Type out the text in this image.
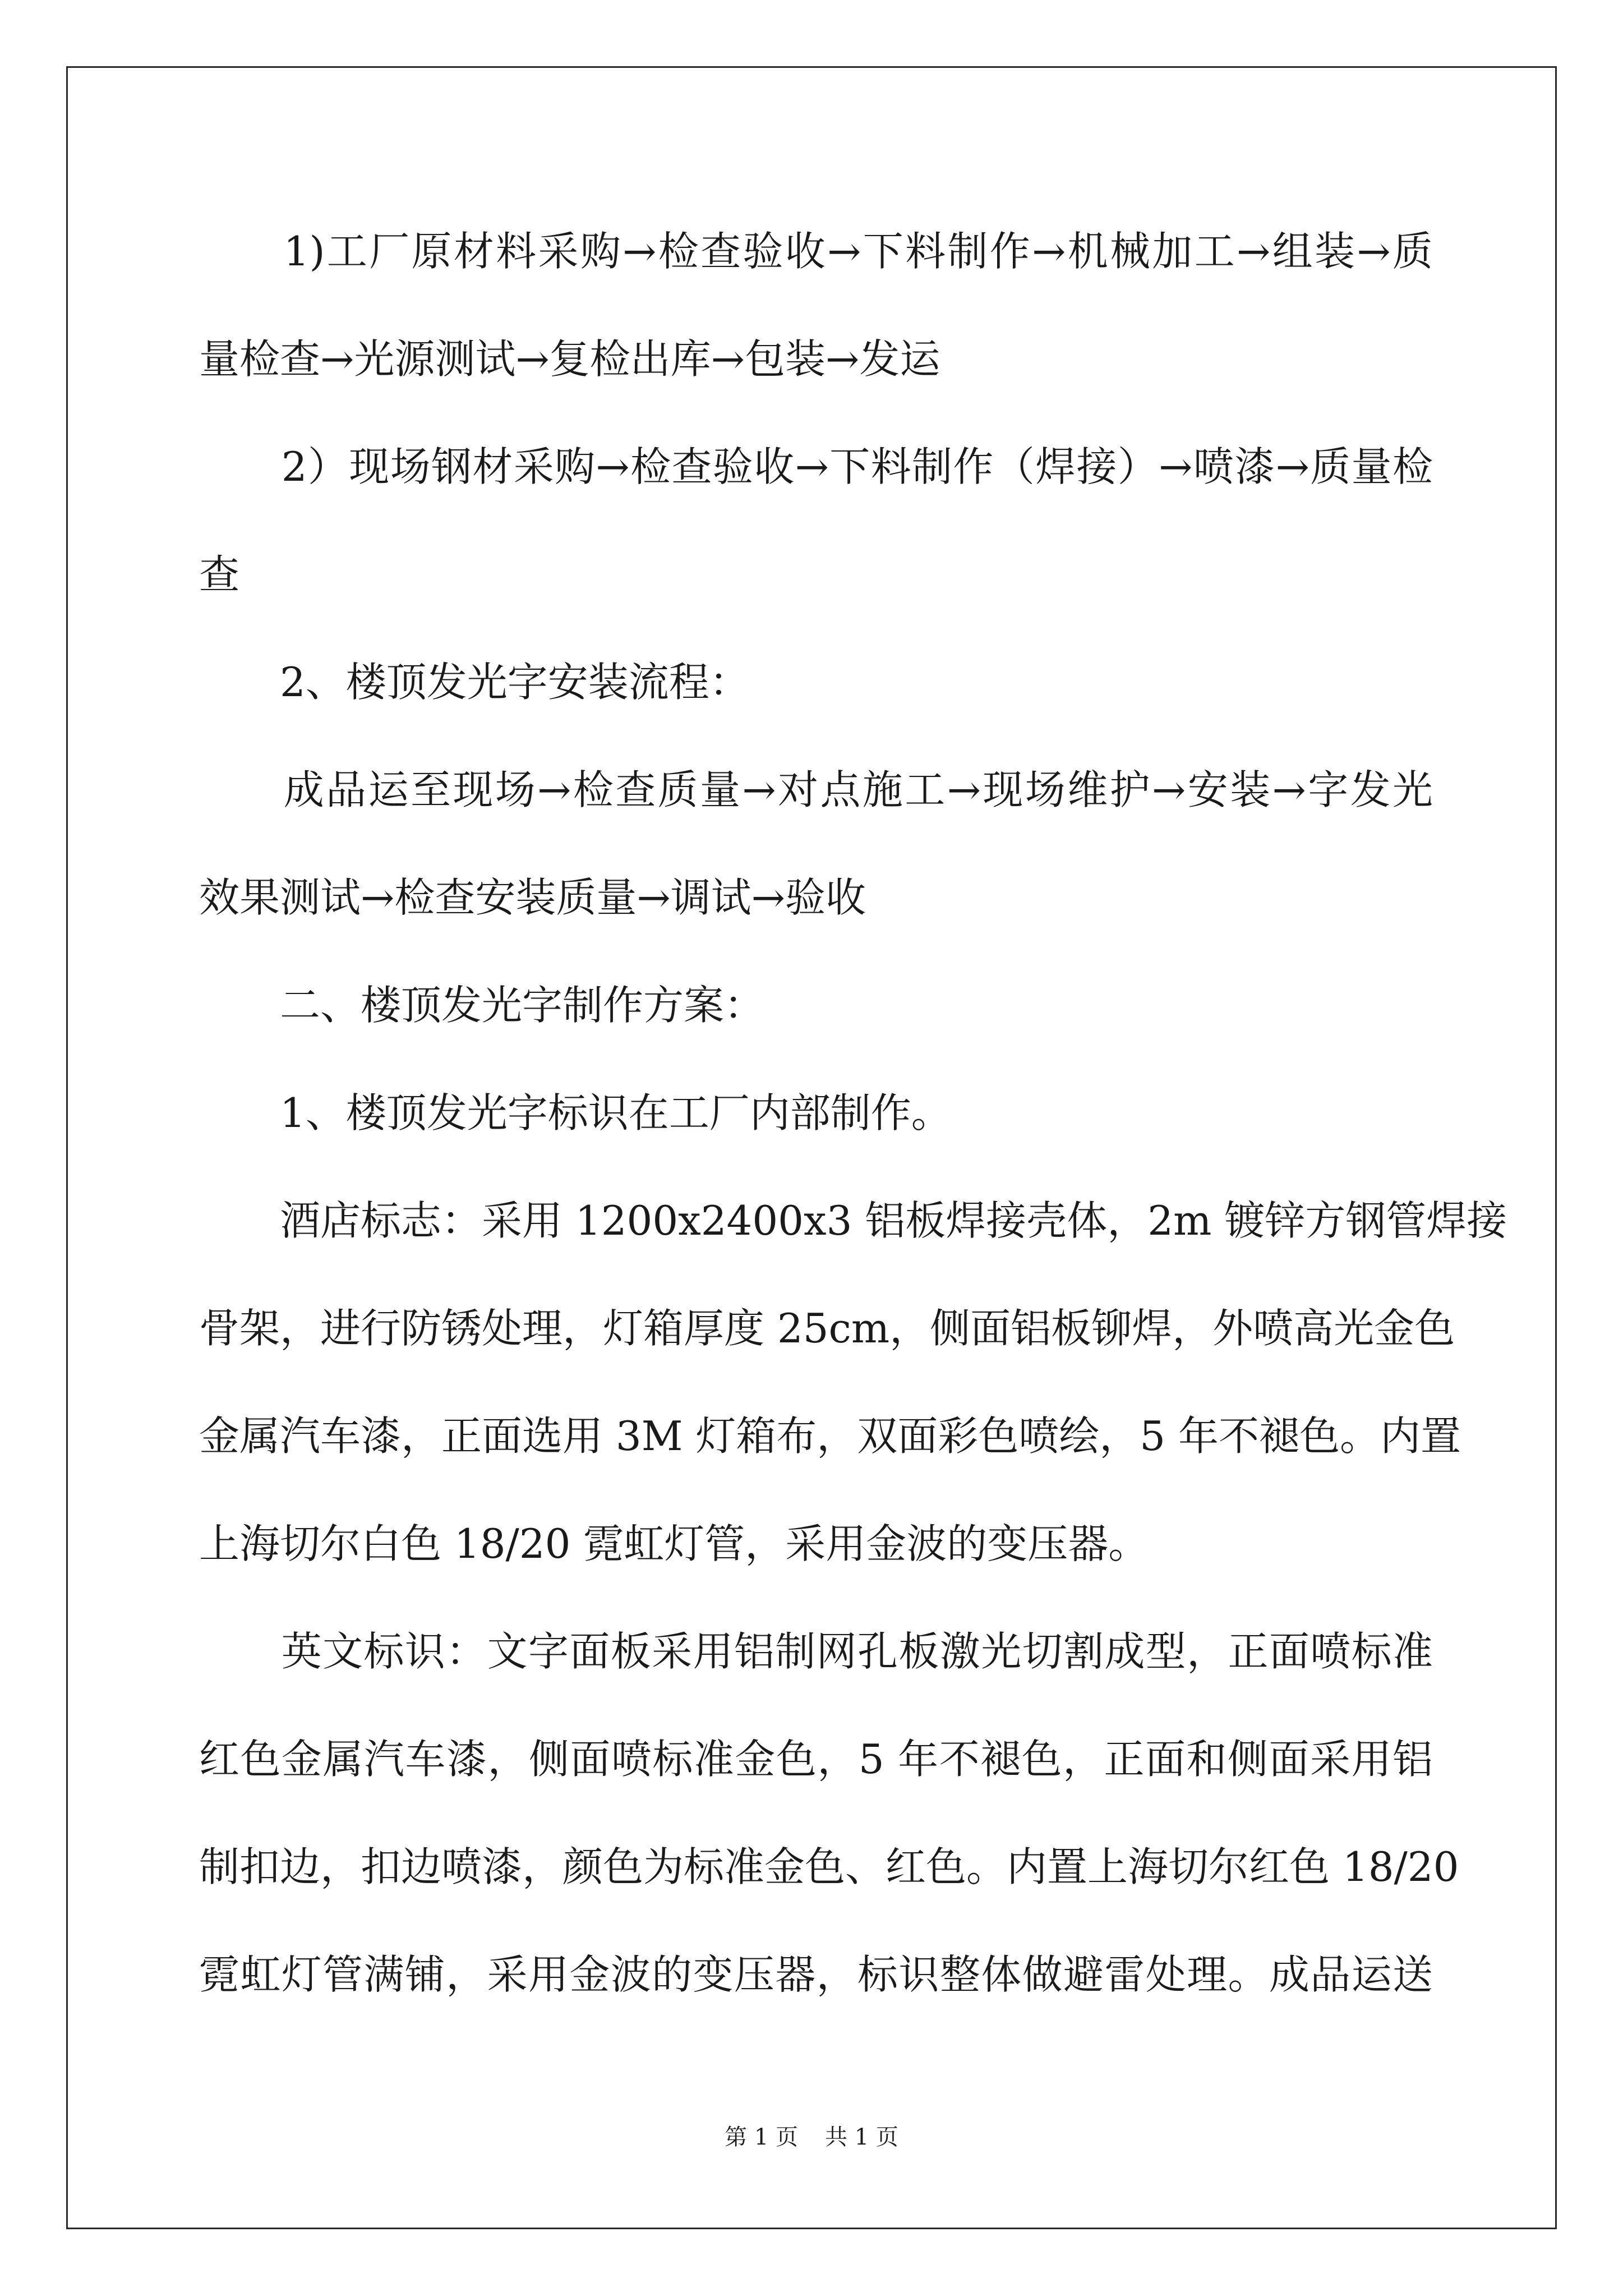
　　1)工厂原材料采购→检查验收→下料制作→机械加工→组装→质
量检查→光源测试→复检出库→包装→发运
　　2）现场钢材采购→检查验收→下料制作（焊接）→喷漆→质量检
查
　　2、楼顶发光字安装流程：
　　成品运至现场→检查质量→对点施工→现场维护→安装→字发光
效果测试→检查安装质量→调试→验收
　　二、楼顶发光字制作方案：
　　1、楼顶发光字标识在工厂内部制作。
　　酒店标志：采用 1200x2400x3 铝板焊接壳体，2m 镀锌方钢管焊接
骨架，进行防锈处理，灯箱厚度 25cm，侧面铝板铆焊，外喷高光金色
金属汽车漆，正面选用 3M 灯箱布，双面彩色喷绘，5 年不褪色。内置
上海切尔白色 18/20 霓虹灯管，采用金波的变压器。
　　英文标识：文字面板采用铝制网孔板激光切割成型，正面喷标准
红色金属汽车漆，侧面喷标准金色，5 年不褪色，正面和侧面采用铝
制扣边，扣边喷漆，颜色为标准金色、红色。内置上海切尔红色 18/20
霓虹灯管满铺，采用金波的变压器，标识整体做避雷处理。成品运送
第 1 页 共 1 页
